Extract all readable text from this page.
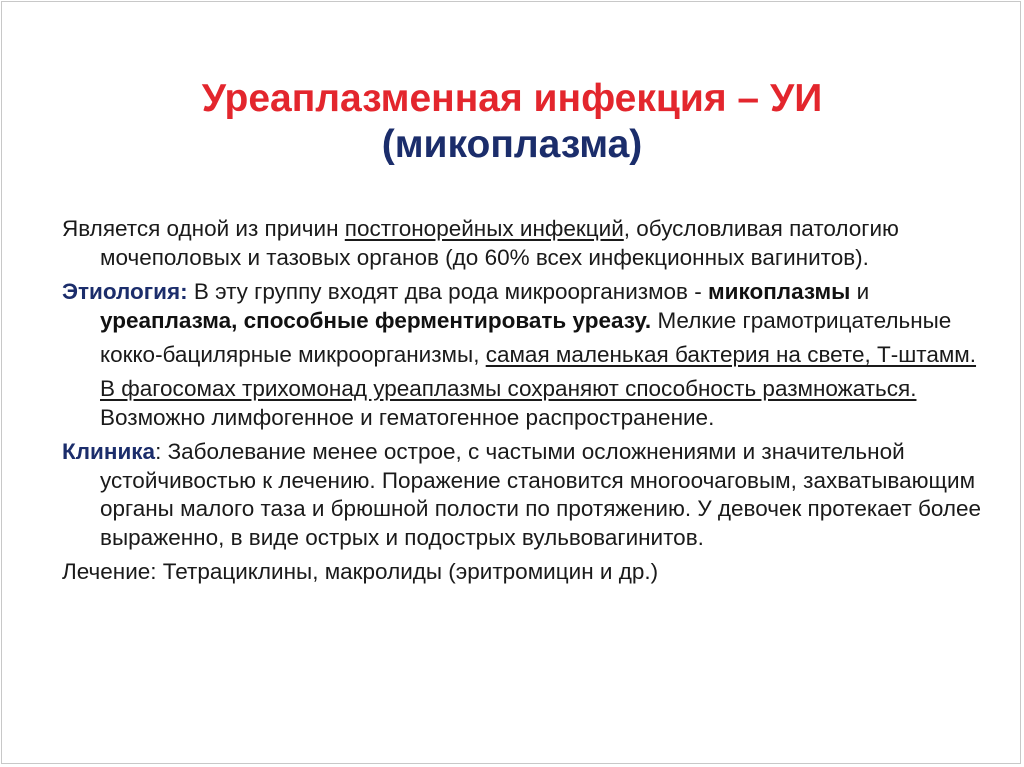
Уреаплазменная инфекция – УИ
(микоплазма)

Является одной из причин постгонорейных инфекций, обусловливая патологию мочеполовых и тазовых органов (до 60% всех инфекционных вагинитов).

Этиология: В эту группу входят два рода микроорганизмов - микоплазмы и уреаплазма, способные ферментировать уреазу. Мелкие грамотрицательные кокко-бацилярные микроорганизмы, самая маленькая бактерия на свете, Т-штамм. В фагосомах трихомонад уреаплазмы сохраняют способность размножаться. Возможно лимфогенное и гематогенное распространение.

Клиника: Заболевание менее острое, с частыми осложнениями и значительной устойчивостью к лечению. Поражение становится многоочаговым, захватывающим органы малого таза и брюшной полости по протяжению. У девочек протекает более выраженно, в виде острых и подострых вульвовагинитов.

Лечение: Тетрациклины, макролиды (эритромицин и др.)
